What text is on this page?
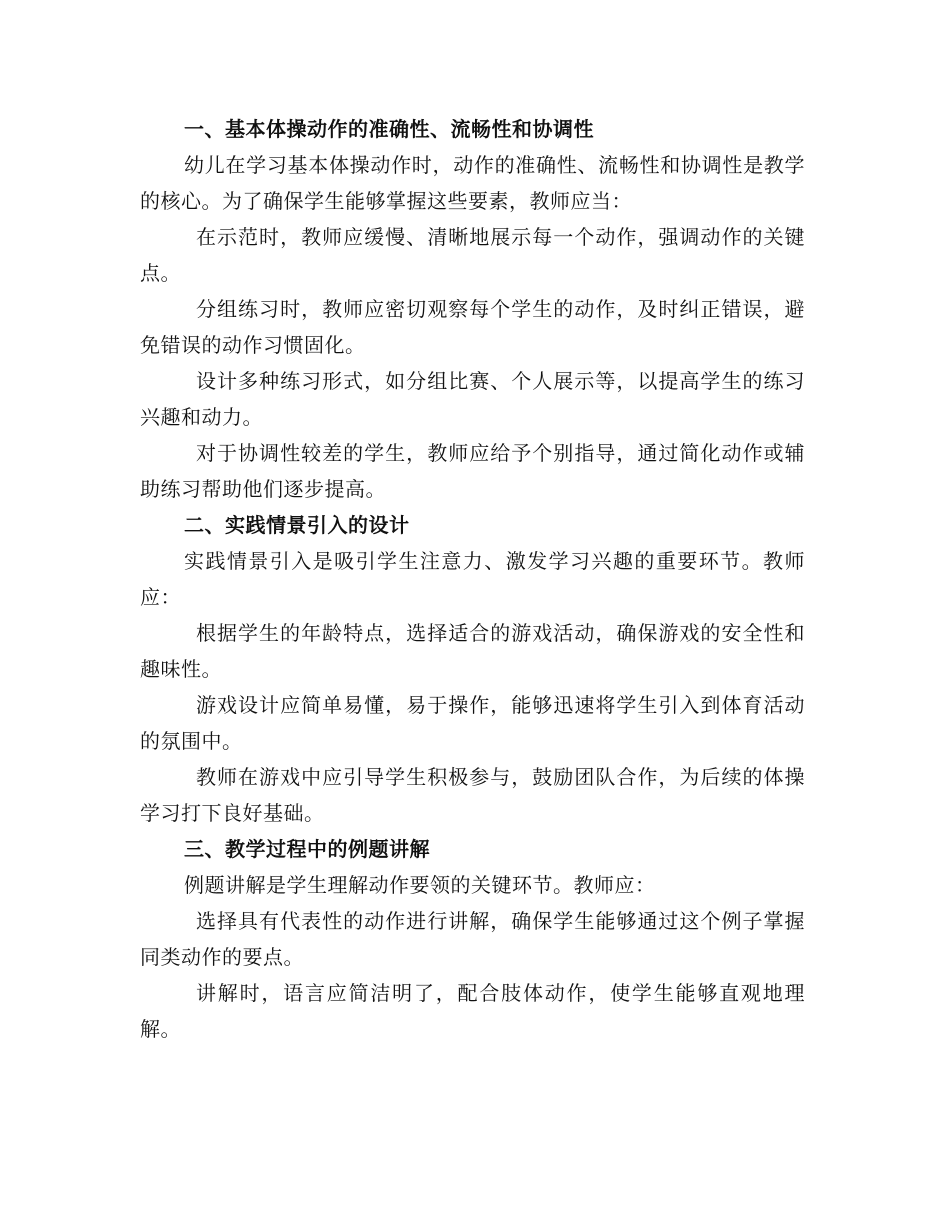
一、基本体操动作的准确性、流畅性和协调性

幼儿在学习基本体操动作时，动作的准确性、流畅性和协调性是教学的核心。为了确保学生能够掌握这些要素，教师应当：

在示范时，教师应缓慢、清晰地展示每一个动作，强调动作的关键点。

分组练习时，教师应密切观察每个学生的动作，及时纠正错误，避免错误的动作习惯固化。

设计多种练习形式，如分组比赛、个人展示等，以提高学生的练习兴趣和动力。

对于协调性较差的学生，教师应给予个别指导，通过简化动作或辅助练习帮助他们逐步提高。

二、实践情景引入的设计

实践情景引入是吸引学生注意力、激发学习兴趣的重要环节。教师应：

根据学生的年龄特点，选择适合的游戏活动，确保游戏的安全性和趣味性。

游戏设计应简单易懂，易于操作，能够迅速将学生引入到体育活动的氛围中。

教师在游戏中应引导学生积极参与，鼓励团队合作，为后续的体操学习打下良好基础。

三、教学过程中的例题讲解

例题讲解是学生理解动作要领的关键环节。教师应：

选择具有代表性的动作进行讲解，确保学生能够通过这个例子掌握同类动作的要点。

讲解时，语言应简洁明了，配合肢体动作，使学生能够直观地理解。
